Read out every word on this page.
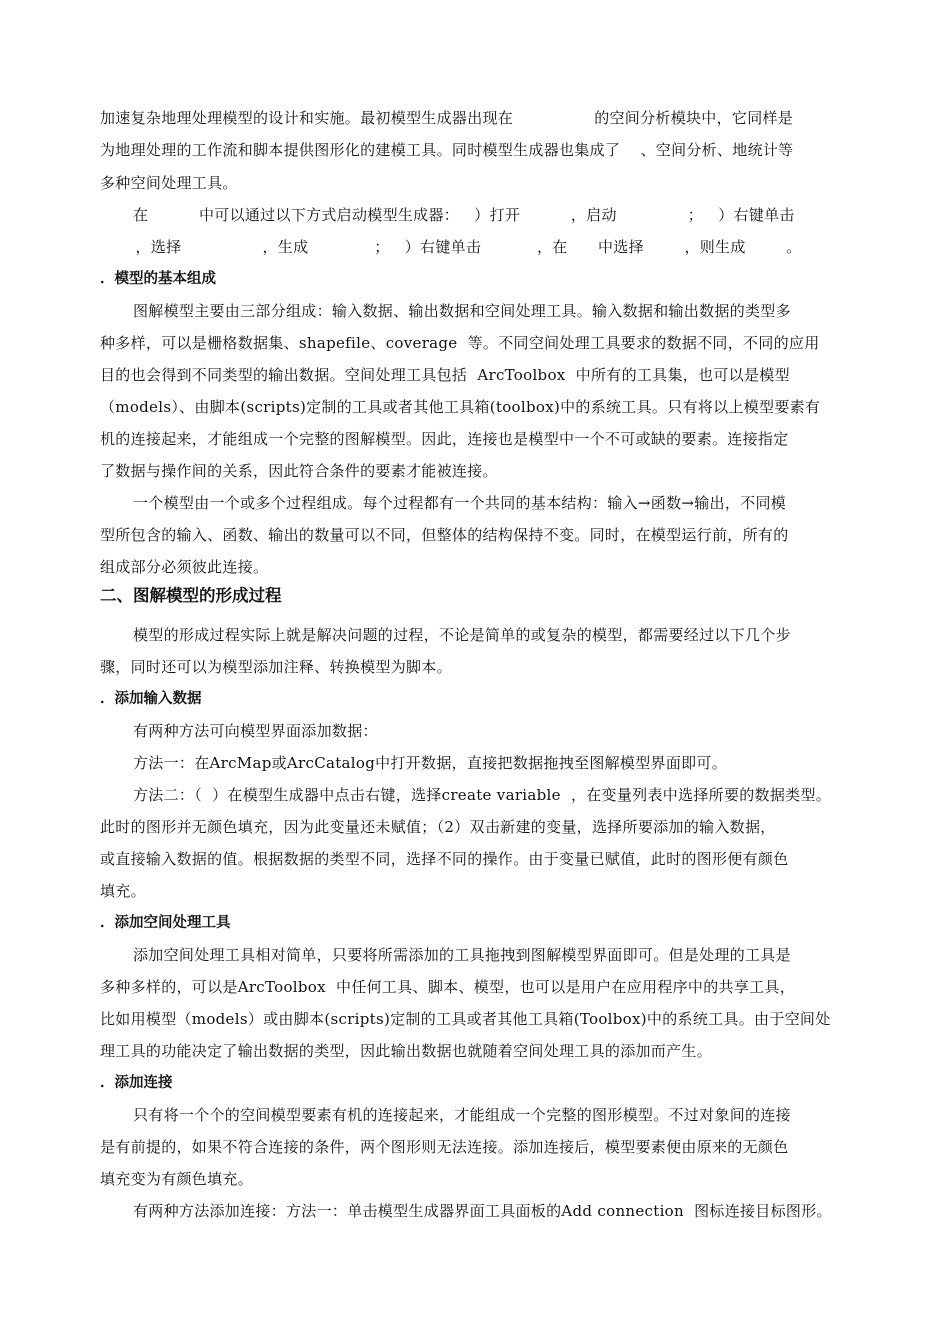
加速复杂地理处理模型的设计和实施。最初模型生成器出现在                的空间分析模块中，它同样是
为地理处理的工作流和脚本提供图形化的建模工具。同时模型生成器也集成了    、空间分析、地统计等
多种空间处理工具。
在          中可以通过以下方式启动模型生成器：   ）打开          ，启动              ；   ）右键单击
，选择                ，生成             ；   ）右键单击           ，在      中选择        ，则生成        。
．模型的基本组成
图解模型主要由三部分组成：输入数据、输出数据和空间处理工具。输入数据和输出数据的类型多
种多样，可以是栅格数据集、shapefile、coverage  等。不同空间处理工具要求的数据不同，不同的应用
目的也会得到不同类型的输出数据。空间处理工具包括  ArcToolbox  中所有的工具集，也可以是模型
（models）、由脚本(scripts)定制的工具或者其他工具箱(toolbox)中的系统工具。只有将以上模型要素有
机的连接起来，才能组成一个完整的图解模型。因此，连接也是模型中一个不可或缺的要素。连接指定
了数据与操作间的关系，因此符合条件的要素才能被连接。
一个模型由一个或多个过程组成。每个过程都有一个共同的基本结构：输入→函数→输出，不同模
型所包含的输入、函数、输出的数量可以不同，但整体的结构保持不变。同时，在模型运行前，所有的
组成部分必须彼此连接。
二、图解模型的形成过程
模型的形成过程实际上就是解决问题的过程，不论是简单的或复杂的模型，都需要经过以下几个步
骤，同时还可以为模型添加注释、转换模型为脚本。
．添加输入数据
有两种方法可向模型界面添加数据：
方法一：在ArcMap或ArcCatalog中打开数据，直接把数据拖拽至图解模型界面即可。
方法二：（  ）在模型生成器中点击右键，选择create variable  ，在变量列表中选择所要的数据类型。
此时的图形并无颜色填充，因为此变量还未赋值；（2）双击新建的变量，选择所要添加的输入数据，
或直接输入数据的值。根据数据的类型不同，选择不同的操作。由于变量已赋值，此时的图形便有颜色
填充。
．添加空间处理工具
添加空间处理工具相对简单，只要将所需添加的工具拖拽到图解模型界面即可。但是处理的工具是
多种多样的，可以是ArcToolbox  中任何工具、脚本、模型，也可以是用户在应用程序中的共享工具，
比如用模型（models）或由脚本(scripts)定制的工具或者其他工具箱(Toolbox)中的系统工具。由于空间处
理工具的功能决定了输出数据的类型，因此输出数据也就随着空间处理工具的添加而产生。
．添加连接
只有将一个个的空间模型要素有机的连接起来，才能组成一个完整的图形模型。不过对象间的连接
是有前提的，如果不符合连接的条件，两个图形则无法连接。添加连接后，模型要素便由原来的无颜色
填充变为有颜色填充。
有两种方法添加连接：方法一：单击模型生成器界面工具面板的Add connection  图标连接目标图形。
